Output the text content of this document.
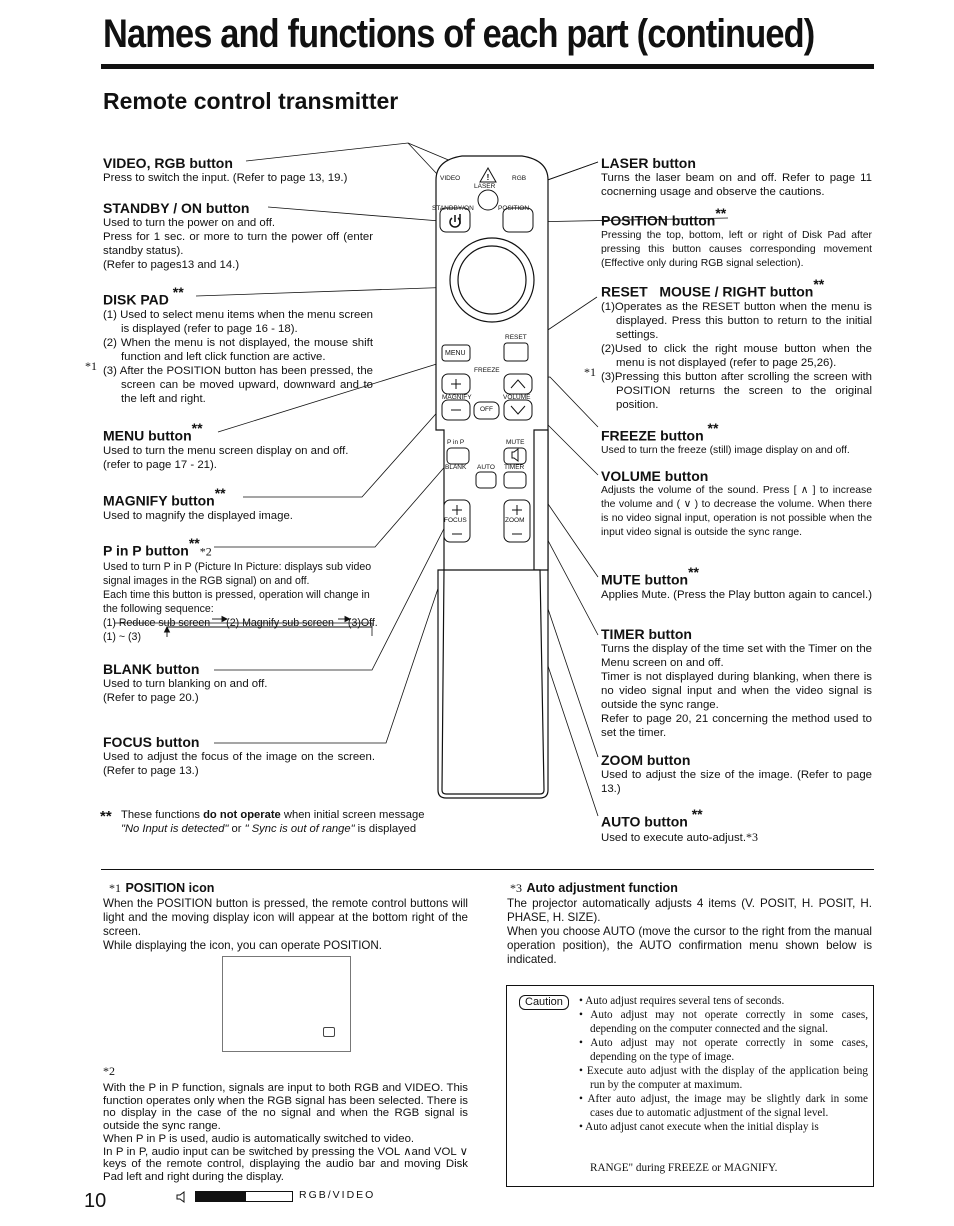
Names and functions of each part (continued)
Remote control transmitter
!
VIDEO
LASER
RGB
STANDBY/ON	POSITION
RESET
MENU
FREEZE
MAGNIFY	VOLUME
OFF
P in P	MUTE
BLANK AUTO TIMER
FOCUS	ZOOM
VIDEO, RGB button
Press to switch the input. (Refer to page 13, 19.)
STANDBY / ON button
Used to turn the power on and off.
Press for 1 sec. or more to turn the power off (enter standby status).
(Refer to pages13 and 14.)
DISK PAD **
(1) Used to select menu items when the menu screen is displayed (refer to page 16 - 18).
(2) When the menu is not displayed, the mouse shift function and left click function are active.
(3) After the POSITION button has been pressed, the screen can be moved upward, downward and to the left and right.
*1
MENU button**
Used to turn the menu screen display on and off. (refer to page 17 - 21).
MAGNIFY button**
Used to magnify the displayed image.
P in P button***2
Used to turn P in P (Picture In Picture: displays sub video signal images in the RGB signal) on and off.
Each time this button is pressed, operation will change in the following sequence:
(1) Reduce sub screen (2) Magnify sub screen (3)Off.
(1) ~ (3)
BLANK button
Used to turn blanking on and off.
(Refer to page 20.)
FOCUS button
Used to adjust the focus of the image on the screen. (Refer to page 13.)
** These functions do not operate when initial screen message
"No Input is detected" or " Sync is out of range" is displayed
LASER button
Turns the laser beam on and off. Refer to page 11 cocnerning usage and observe the cautions.
POSITION button**
Pressing the top, bottom, left or right of Disk Pad after pressing this button causes corresponding movement (Effective only during RGB signal selection).
RESET   MOUSE / RIGHT button**
(1)Operates as the RESET button when the menu is displayed. Press this button to return to the initial settings.
(2)Used to click the right mouse button when the menu is not displayed (refer to page 25,26).
(3)Pressing this button after scrolling the screen with POSITION returns the screen to the original position.
*1
FREEZE button **
Used to turn the freeze (still) image display on and off.
VOLUME button
Adjusts the volume of the sound. Press [ ∧ ] to increase the volume and ( ∨ ) to decrease the volume. When there is no video signal input, operation is not possible when the input video signal is outside the sync range.
MUTE button**
Applies Mute. (Press the Play button again to cancel.)
TIMER button
Turns the display of the time set with the Timer on the Menu screen on and off.
Timer is not displayed during blanking, when there is no video signal input and when the video signal is outside the sync range.
Refer to page 20, 21 concerning the method used to set the timer.
ZOOM button
Used to adjust the size of the image. (Refer to page 13.)
AUTO button **
Used to execute auto-adjust.*3
*1 POSITION icon
When the POSITION button is pressed, the remote control buttons will light and the moving display icon will appear at the bottom right of the screen.
While displaying the icon, you can operate POSITION.
*2
With the P in P function, signals are input to both RGB and VIDEO. This function operates only when the RGB signal has been selected. There is no display in the case of the no signal and when the RGB signal is outside the sync range.
When P in P is used, audio is automatically switched to video.
In P in P, audio input can be switched by pressing the VOL ∧and VOL ∨ keys of the remote control, displaying the audio bar and moving Disk Pad left and right during the display.
RGB/VIDEO
10
*3 Auto adjustment function
The projector automatically adjusts 4 items (V. POSIT, H. POSIT, H. PHASE, H. SIZE).
When you choose AUTO (move the cursor to the right from the manual operation position), the AUTO confirmation menu shown below is indicated.
Caution
•	Auto adjust requires several tens of seconds.
• Auto adjust may not operate correctly in some cases, depending on the computer connected and the signal.
• Auto adjust may not operate correctly in some cases, depending on the type of image.
• Execute auto adjust with the display of the application being run by the computer at maximum.
• After auto adjust, the image may be slightly dark in some cases due to automatic adjustment of the signal level.
• Auto adjust canot execute when the initial display is
RANGE" during FREEZE or MAGNIFY.
